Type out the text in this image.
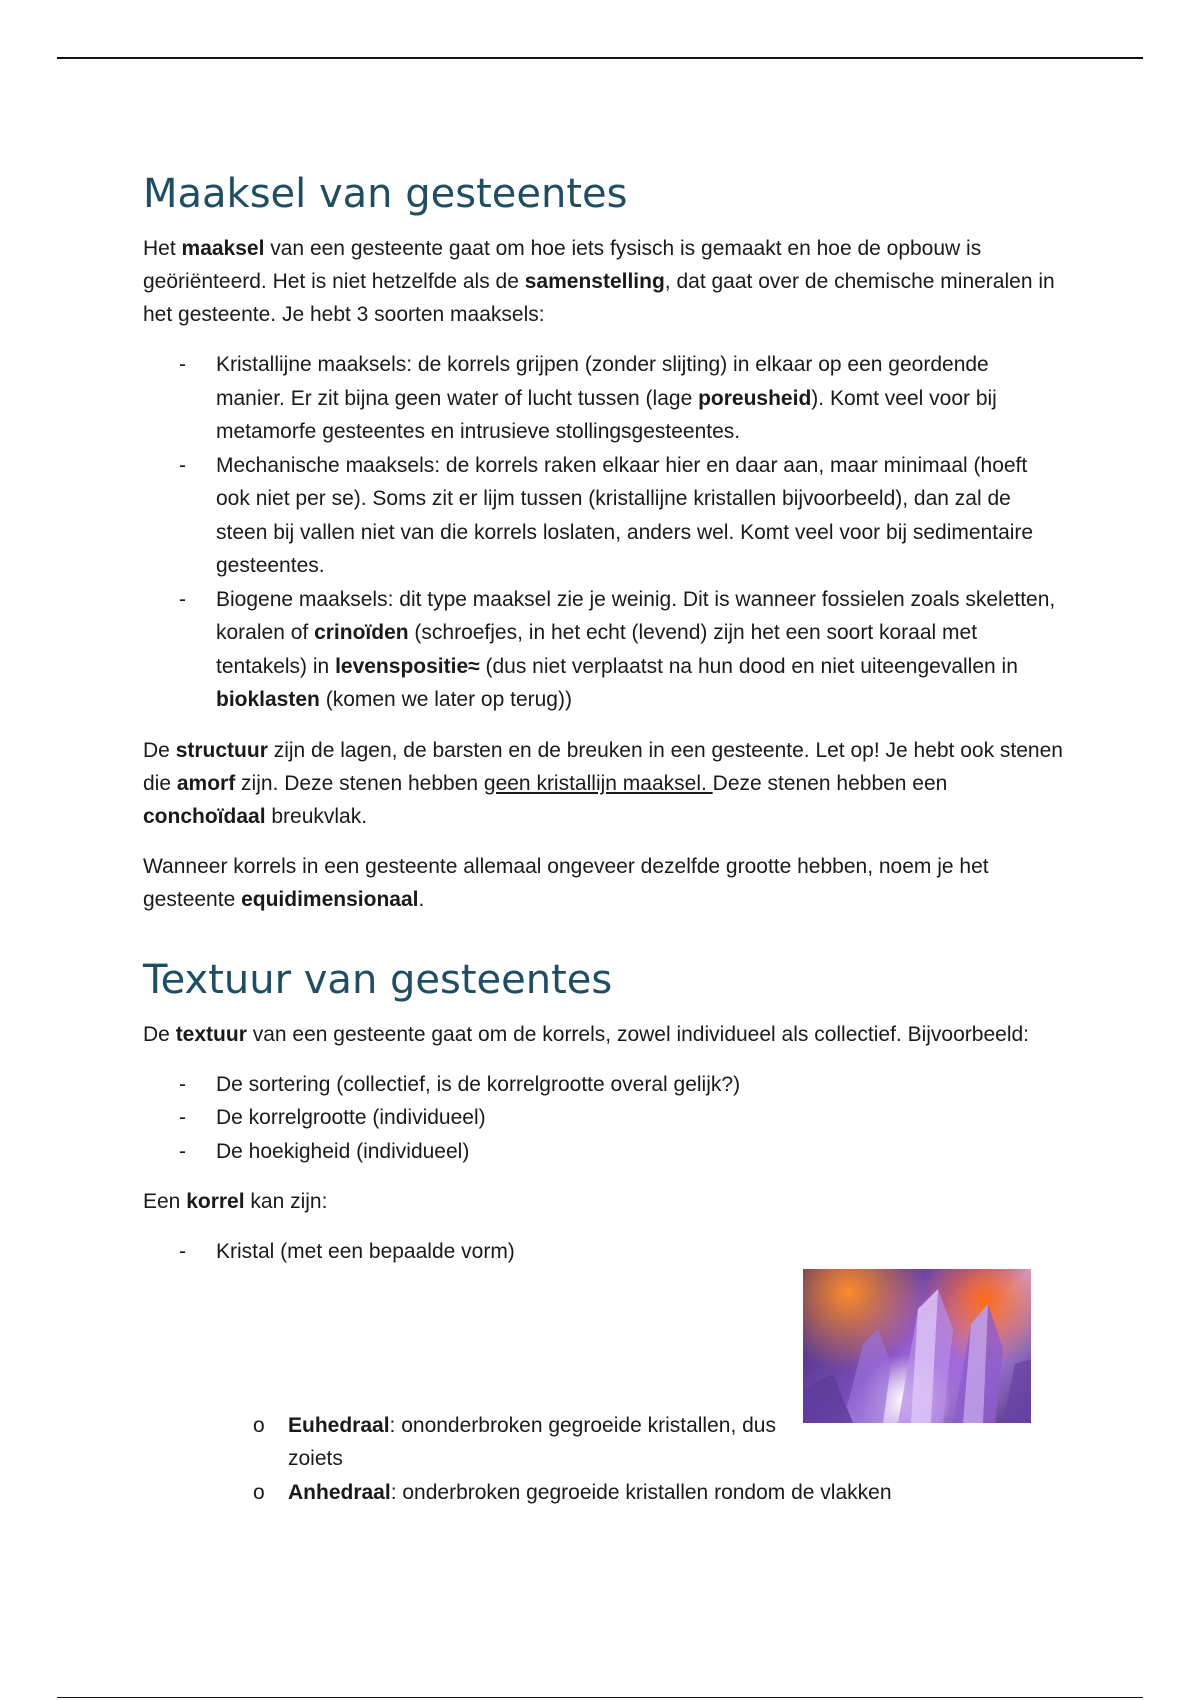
Maaksel van gesteentes

Het maaksel van een gesteente gaat om hoe iets fysisch is gemaakt en hoe de opbouw is geöriënteerd. Het is niet hetzelfde als de samenstelling, dat gaat over de chemische mineralen in het gesteente. Je hebt 3 soorten maaksels:

- Kristallijne maaksels: de korrels grijpen (zonder slijting) in elkaar op een geordende manier. Er zit bijna geen water of lucht tussen (lage poreusheid). Komt veel voor bij metamorfe gesteentes en intrusieve stollingsgesteentes.
- Mechanische maaksels: de korrels raken elkaar hier en daar aan, maar minimaal (hoeft ook niet per se). Soms zit er lijm tussen (kristallijne kristallen bijvoorbeeld), dan zal de steen bij vallen niet van die korrels loslaten, anders wel. Komt veel voor bij sedimentaire gesteentes.
- Biogene maaksels: dit type maaksel zie je weinig. Dit is wanneer fossielen zoals skeletten, koralen of crinoïden (schroefjes, in het echt (levend) zijn het een soort koraal met tentakels) in levenspositie≈ (dus niet verplaatst na hun dood en niet uiteengevallen in bioklasten (komen we later op terug))

De structuur zijn de lagen, de barsten en de breuken in een gesteente. Let op! Je hebt ook stenen die amorf zijn. Deze stenen hebben geen kristallijn maaksel. Deze stenen hebben een conchoïdaal breukvlak.

Wanneer korrels in een gesteente allemaal ongeveer dezelfde grootte hebben, noem je het gesteente equidimensionaal.

Textuur van gesteentes

De textuur van een gesteente gaat om de korrels, zowel individueel als collectief. Bijvoorbeeld:

- De sortering (collectief, is de korrelgrootte overal gelijk?)
- De korrelgrootte (individueel)
- De hoekigheid (individueel)

Een korrel kan zijn:

- Kristal (met een bepaalde vorm)
o Euhedraal: ononderbroken gegroeide kristallen, dus zoiets
o Anhedraal: onderbroken gegroeide kristallen rondom de vlakken
